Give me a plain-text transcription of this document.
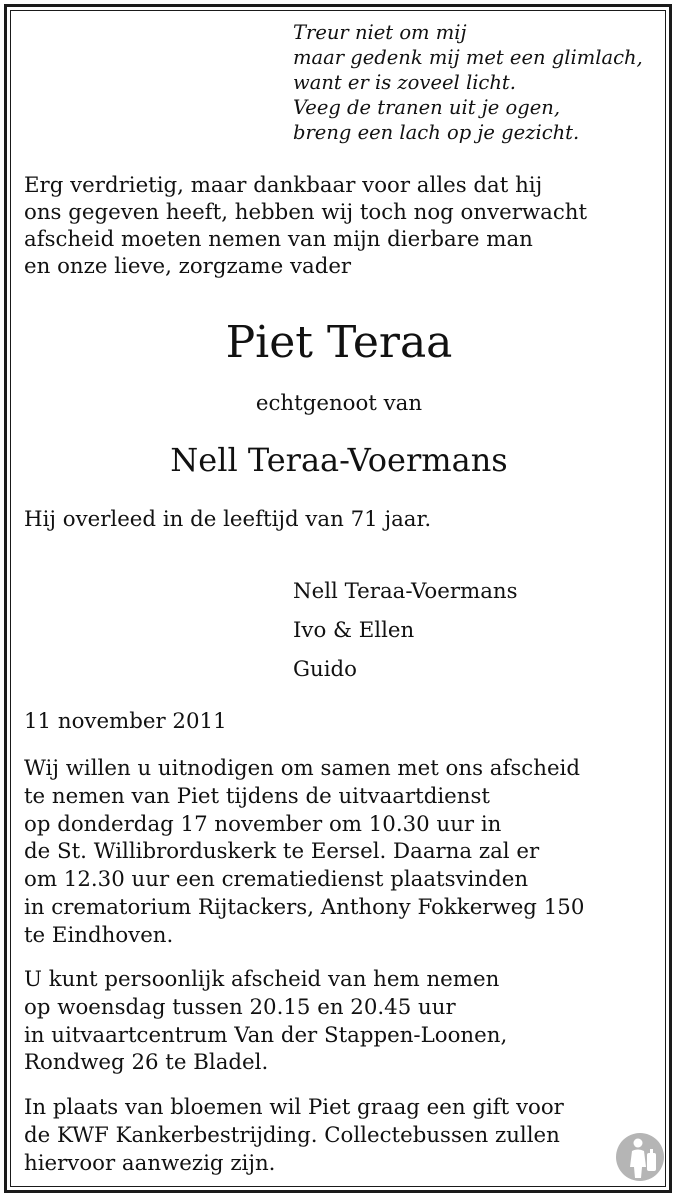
Treur niet om mij
maar gedenk mij met een glimlach,
want er is zoveel licht.
Veeg de tranen uit je ogen,
breng een lach op je gezicht.
Erg verdrietig, maar dankbaar voor alles dat hij
ons gegeven heeft, hebben wij toch nog onverwacht
afscheid moeten nemen van mijn dierbare man
en onze lieve, zorgzame vader
Piet Teraa
echtgenoot van
Nell Teraa-Voermans
Hij overleed in de leeftijd van 71 jaar.
Nell Teraa-Voermans
Ivo & Ellen
Guido
11 november 2011
Wij willen u uitnodigen om samen met ons afscheid
te nemen van Piet tijdens de uitvaartdienst
op donderdag 17 november om 10.30 uur in
de St. Willibrorduskerk te Eersel. Daarna zal er
om 12.30 uur een crematiedienst plaatsvinden
in crematorium Rijtackers, Anthony Fokkerweg 150
te Eindhoven.
U kunt persoonlijk afscheid van hem nemen
op woensdag tussen 20.15 en 20.45 uur
in uitvaartcentrum Van der Stappen-Loonen,
Rondweg 26 te Bladel.
In plaats van bloemen wil Piet graag een gift voor
de KWF Kankerbestrijding. Collectebussen zullen
hiervoor aanwezig zijn.
